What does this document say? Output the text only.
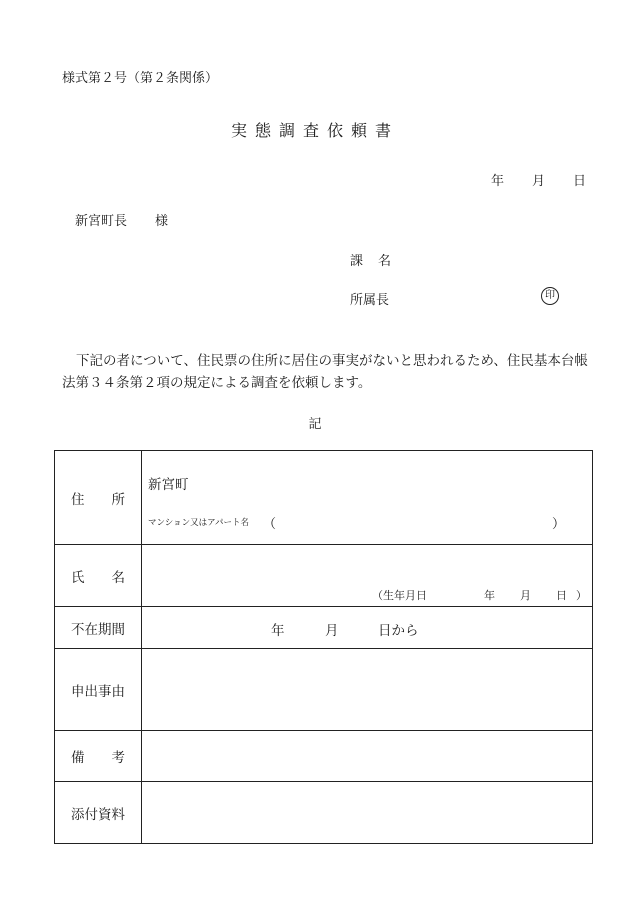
様式第２号（第２条関係）
実態調査依頼書
年 月 日
新宮町長 様
課 名
所属長	印
下記の者について、住民票の住所に居住の事実がないと思われるため、住民基本台帳法第３４条第２項の規定による調査を依頼します。
記
住　　所	新宮町
マンション又はアパート名 （ ）

氏　　名	（生年月日 年 月 日 ）

不在期間	年 月 日から

申出事由	
備　　考	
添付資料	
